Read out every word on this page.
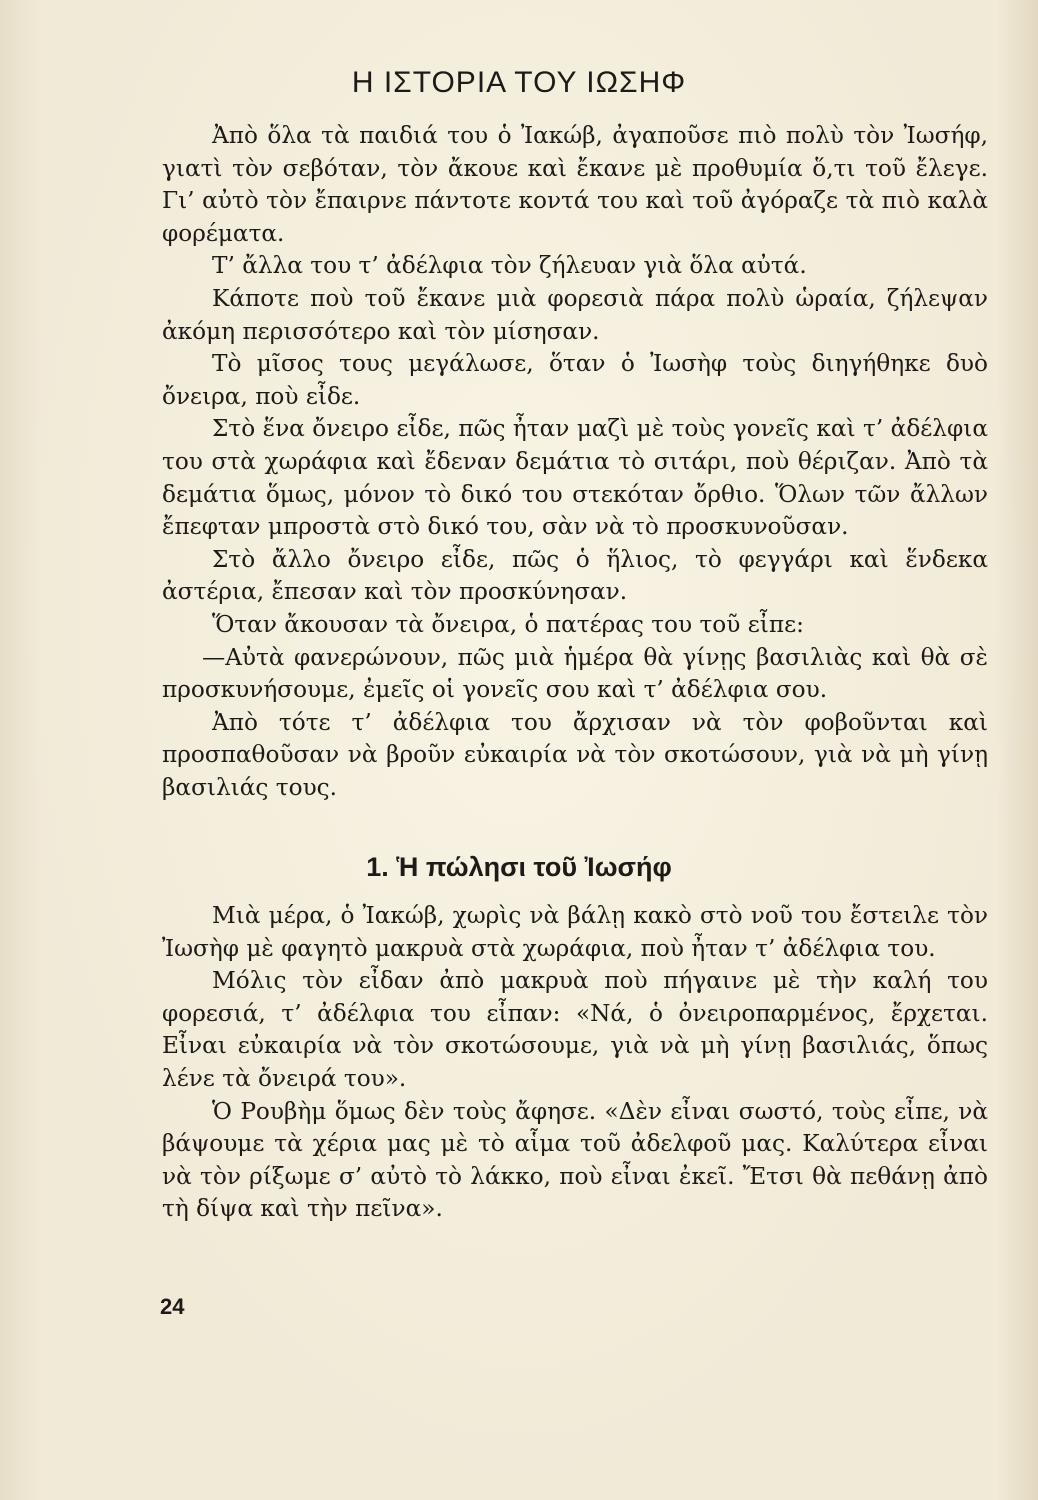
Η ΙΣΤΟΡΙΑ ΤΟΥ ΙΩΣΗΦ

Ἀπὸ ὅλα τὰ παιδιά του ὁ Ἰακώβ, ἀγαποῦσε πιὸ πολὺ τὸν Ἰωσήφ, γιατὶ τὸν σεβόταν, τὸν ἄκουε καὶ ἔκανε μὲ προθυμία ὅ,τι τοῦ ἔλεγε. Γι’ αὐτὸ τὸν ἔπαιρνε πάντοτε κοντά του καὶ τοῦ ἀγόραζε τὰ πιὸ καλὰ φορέματα.

Τ’ ἄλλα του τ’ ἀδέλφια τὸν ζήλευαν γιὰ ὅλα αὐτά.

Κάποτε ποὺ τοῦ ἔκανε μιὰ φορεσιὰ πάρα πολὺ ὡραία, ζήλεψαν ἀκόμη περισσότερο καὶ τὸν μίσησαν.

Τὸ μῖσος τους μεγάλωσε, ὅταν ὁ Ἰωσὴφ τοὺς διηγήθηκε δυὸ ὄνειρα, ποὺ εἶδε.

Στὸ ἕνα ὄνειρο εἶδε, πῶς ἦταν μαζὶ μὲ τοὺς γονεῖς καὶ τ’ ἀδέλφια του στὰ χωράφια καὶ ἔδεναν δεμάτια τὸ σιτάρι, ποὺ θέριζαν. Ἀπὸ τὰ δεμάτια ὅμως, μόνον τὸ δικό του στεκόταν ὄρθιο. Ὅλων τῶν ἄλλων ἔπεφταν μπροστὰ στὸ δικό του, σὰν νὰ τὸ προσκυνοῦσαν.

Στὸ ἄλλο ὄνειρο εἶδε, πῶς ὁ ἥλιος, τὸ φεγγάρι καὶ ἕνδεκα ἀστέρια, ἔπεσαν καὶ τὸν προσκύνησαν.

Ὅταν ἄκουσαν τὰ ὄνειρα, ὁ πατέρας του τοῦ εἶπε:

—Αὐτὰ φανερώνουν, πῶς μιὰ ἡμέρα θὰ γίνῃς βασιλιὰς καὶ θὰ σὲ προσκυνήσουμε, ἐμεῖς οἱ γονεῖς σου καὶ τ’ ἀδέλφια σου.

Ἀπὸ τότε τ’ ἀδέλφια του ἄρχισαν νὰ τὸν φοβοῦνται καὶ προσπαθοῦσαν νὰ βροῦν εὐκαιρία νὰ τὸν σκοτώσουν, γιὰ νὰ μὴ γίνῃ βασιλιάς τους.

1. Ἡ πώλησι τοῦ Ἰωσήφ

Μιὰ μέρα, ὁ Ἰακώβ, χωρὶς νὰ βάλῃ κακὸ στὸ νοῦ του ἔστειλε τὸν Ἰωσὴφ μὲ φαγητὸ μακρυὰ στὰ χωράφια, ποὺ ἦταν τ’ ἀδέλφια του.

Μόλις τὸν εἶδαν ἀπὸ μακρυὰ ποὺ πήγαινε μὲ τὴν καλή του φορεσιά, τ’ ἀδέλφια του εἶπαν: «Νά, ὁ ὀνειροπαρμένος, ἔρχεται. Εἶναι εὐκαιρία νὰ τὸν σκοτώσουμε, γιὰ νὰ μὴ γίνῃ βασιλιάς, ὅπως λένε τὰ ὄνειρά του».

Ὁ Ρουβὴμ ὅμως δὲν τοὺς ἄφησε. «Δὲν εἶναι σωστό, τοὺς εἶπε, νὰ βάψουμε τὰ χέρια μας μὲ τὸ αἷμα τοῦ ἀδελφοῦ μας. Καλύτερα εἶναι νὰ τὸν ρίξωμε σ’ αὐτὸ τὸ λάκκο, ποὺ εἶναι ἐκεῖ. Ἔτσι θὰ πεθάνῃ ἀπὸ τὴ δίψα καὶ τὴν πεῖνα».

24
